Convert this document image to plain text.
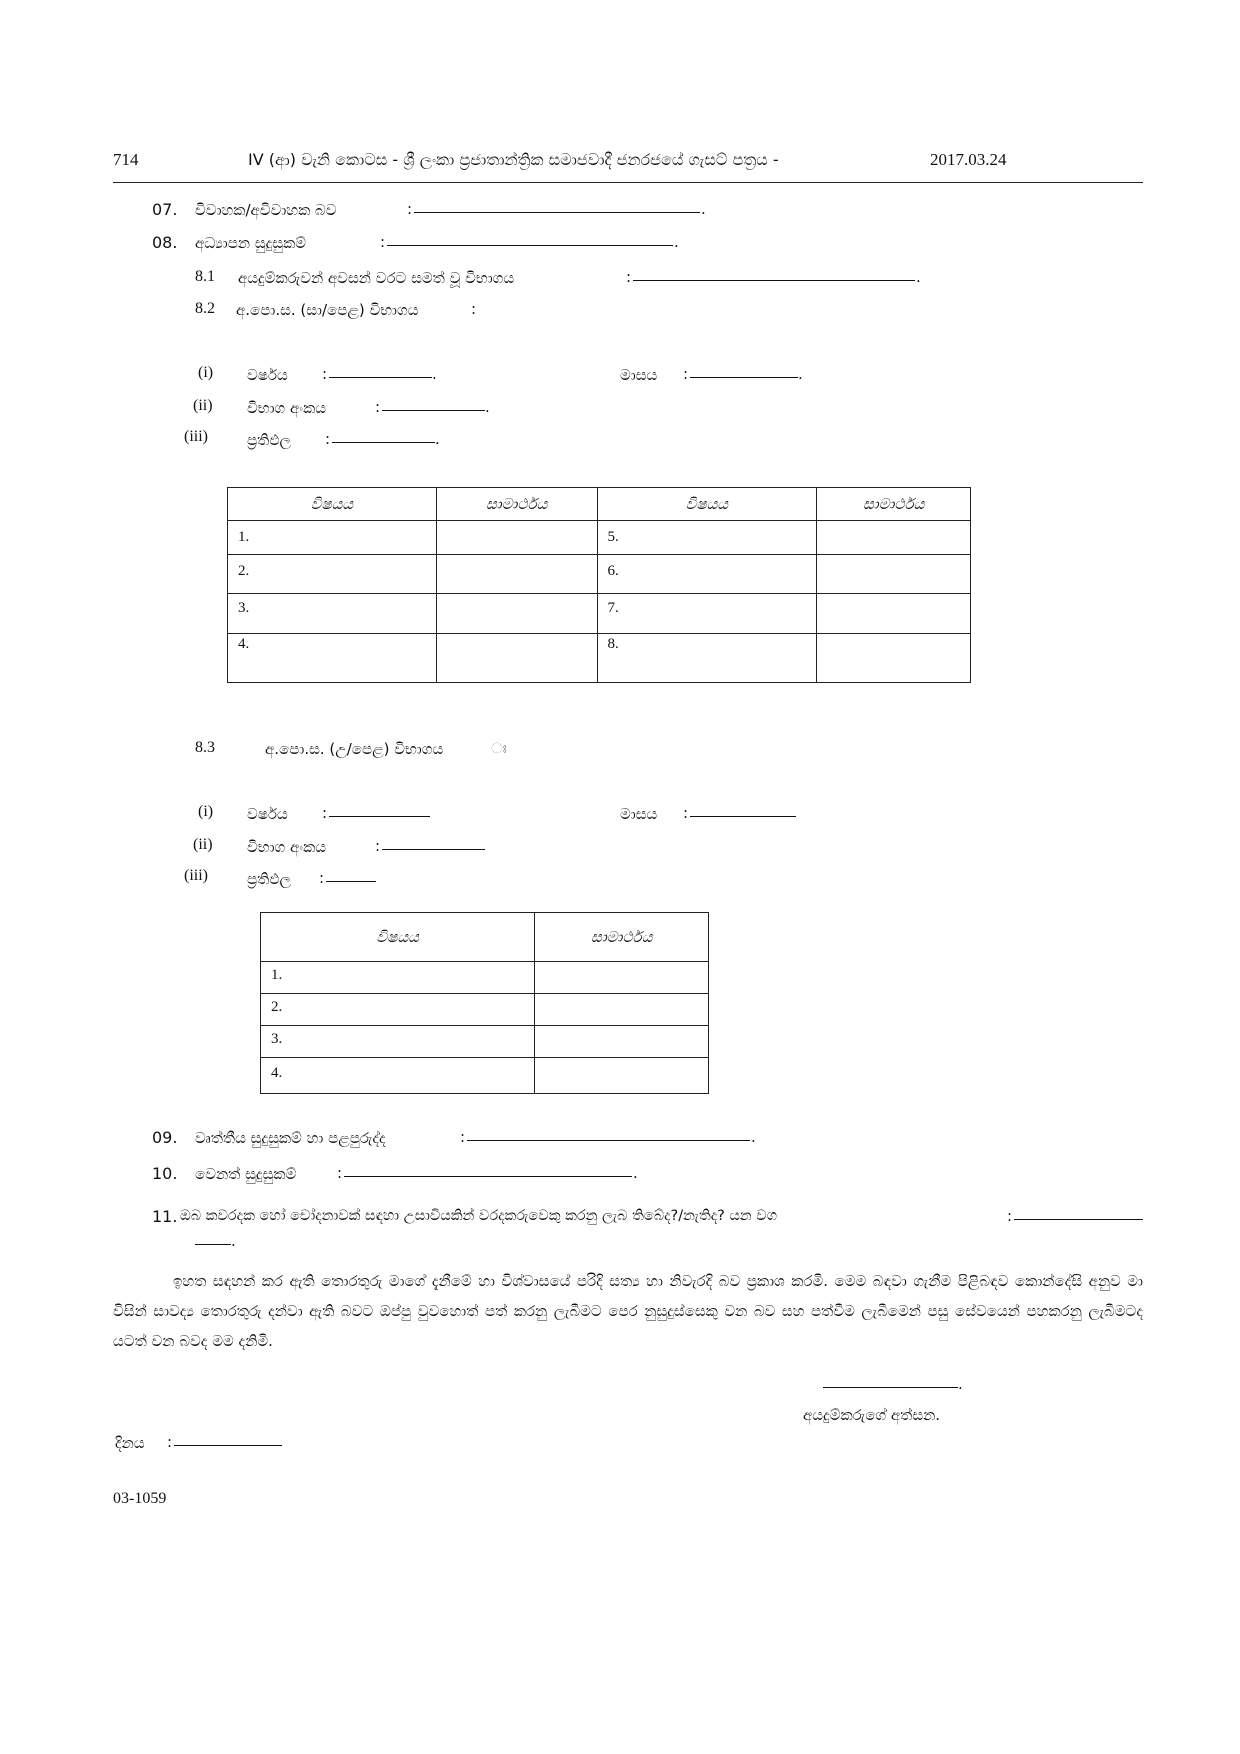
714	IV (ආ) වැනි කොටස - ශ්‍රී ලංකා ප්‍රජාතාන්ත්‍රික සමාජවාදී ජනරජයේ ගැසට් පත්‍රය -	2017.03.24
07. විවාහක/අවිවාහක බව	:	.
08. අධ්‍යාපන සුදුසුකම්	:	.
8.1 අයදුම්කරුවන් අවසන් වරට සමත් වූ විභාගය	:	.
8.2 අ.පො.ස. (සා/පෙළ) විභාගය	:
(i) වර්ෂය :	.	මාසය :	.
(ii) විභාග අංකය	:	.
(iii)	ප්‍රතිඵල :	.
විෂයය	සාමාර්ථය	විෂයය	සාමාර්ථය
1.		5.	
2.		6.	
3.		7.	
4.		8.	
8.3	අ.පො.ස. (උ/පෙළ) විභාගය	ඃ
(i) වර්ෂය :	මාසය :
(ii) විභාග අංකය	:
(iii)	ප්‍රතිඵල :
විෂයය	සාමාර්ථය
1.	
2.	
3.	
4.	
09. වෘත්තීය සුදුසුකම් හා පළපුරුද්ද	:	.
10. වෙනත් සුදුසුකම්	:	.
11. ඔබ කවරදක හෝ චෝදනාවක් සඳහා උසාවියකින් වරදකරුවෙකු කරනු ලැබ තිබේද?/නැතිද? යන වග	:
.

ඉහත සඳහන් කර ඇති තොරතුරු මාගේ දැනීමේ හා විශ්වාසයේ පරිදි සත්‍ය හා නිවැරදි බව ප්‍රකාශ කරමි. මෙම බඳවා ගැනීම පිළිබඳව කොන්දේසි අනුව මා විසින් සාවද්‍ය තොරතුරු දන්වා ඇති බවට ඔප්පු වුවහොත් පත් කරනු ලැබීමට පෙර නුසුදුස්සෙකු වන බව සහ පත්වීම ලැබීමෙන් පසු සේවයෙන් පහකරනු ලැබීමටද යටත් වන බවද මම දනිමි.

.
අයදුම්කරුගේ අත්සන.
දිනය :
03-1059
